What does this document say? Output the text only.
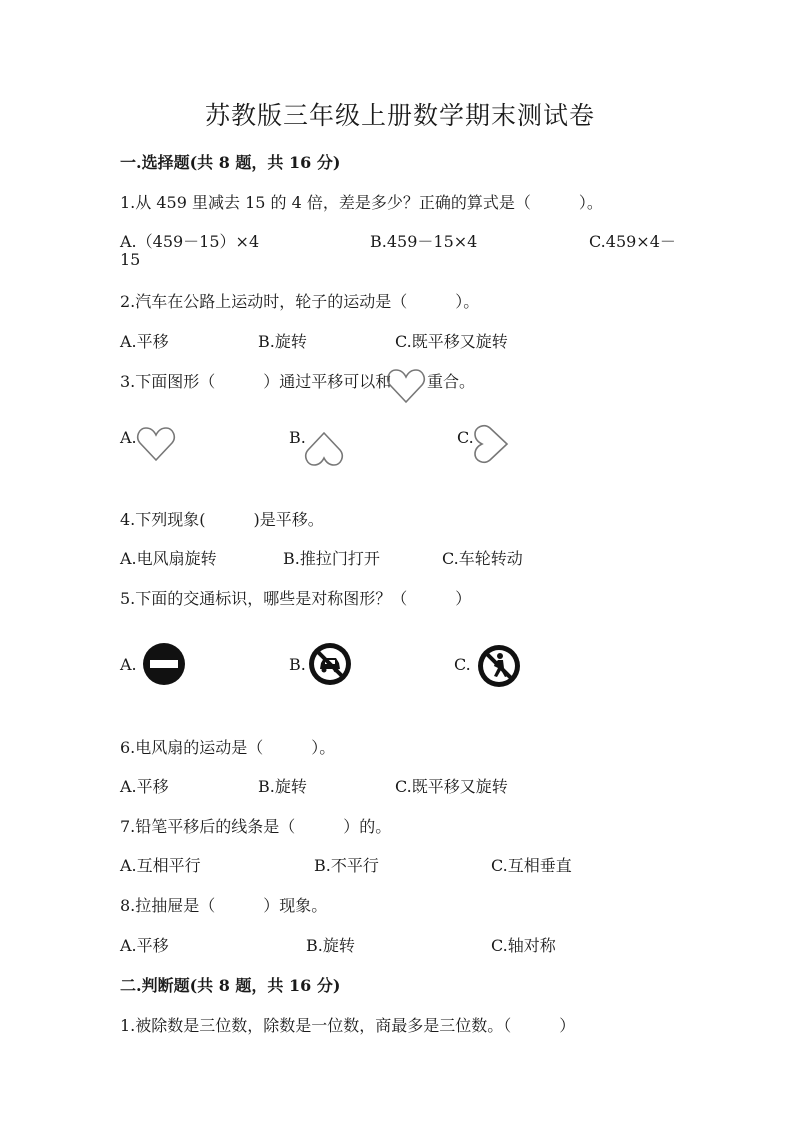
苏教版三年级上册数学期末测试卷
一.选择题(共 8 题，共 16 分)
1.从 459 里减去 15 的 4 倍，差是多少？正确的算式是（　　　）。
A.（459－15）×4	B.459－15×4	C.459×4－
15
2.汽车在公路上运动时，轮子的运动是（　　　）。
A.平移	B.旋转	C.既平移又旋转
3.下面图形（　　　）通过平移可以和 重合。
A.	B.	C.
4.下列现象(　　　)是平移。
A.电风扇旋转	B.推拉门打开	C.车轮转动
5.下面的交通标识，哪些是对称图形？（　　　）
A.	B.	C.
6.电风扇的运动是（　　　）。
A.平移	B.旋转	C.既平移又旋转
7.铅笔平移后的线条是（　　　）的。
A.互相平行	B.不平行	C.互相垂直
8.拉抽屉是（　　　）现象。
A.平移	B.旋转	C.轴对称
二.判断题(共 8 题，共 16 分)
1.被除数是三位数，除数是一位数，商最多是三位数。（　　　）
